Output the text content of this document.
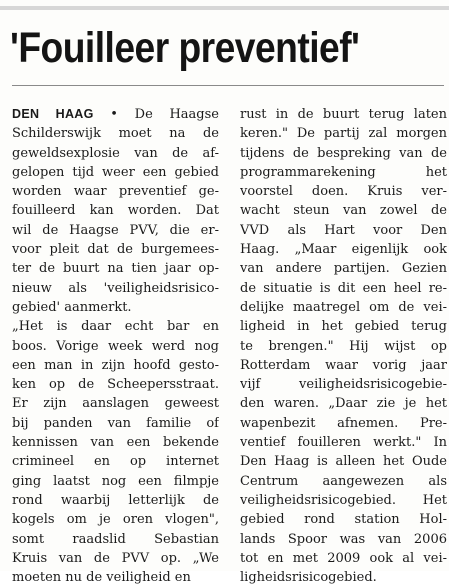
'Fouilleer preventief'
DEN HAAG • De Haagse
Schilderswijk moet na de
geweldsexplosie van de af-
gelopen tijd weer een gebied
worden waar preventief ge-
fouilleerd kan worden. Dat
wil de Haagse PVV, die er-
voor pleit dat de burgemees-
ter de buurt na tien jaar op-
nieuw als 'veiligheidsrisico-
gebied' aanmerkt.
„Het is daar echt bar en
boos. Vorige week werd nog
een man in zijn hoofd gesto-
ken op de Scheepersstraat.
Er zijn aanslagen geweest
bij panden van familie of
kennissen van een bekende
crimineel en op internet
ging laatst nog een filmpje
rond waarbij letterlijk de
kogels om je oren vlogen",
somt raadslid Sebastian
Kruis van de PVV op. „We
moeten nu de veiligheid en
rust in de buurt terug laten
keren." De partij zal morgen
tijdens de bespreking van de
programmarekening het
voorstel doen. Kruis ver-
wacht steun van zowel de
VVD als Hart voor Den
Haag. „Maar eigenlijk ook
van andere partijen. Gezien
de situatie is dit een heel re-
delijke maatregel om de vei-
ligheid in het gebied terug
te brengen." Hij wijst op
Rotterdam waar vorig jaar
vijf veiligheidsrisicogebie-
den waren. „Daar zie je het
wapenbezit afnemen. Pre-
ventief fouilleren werkt." In
Den Haag is alleen het Oude
Centrum aangewezen als
veiligheidsrisicogebied. Het
gebied rond station Hol-
lands Spoor was van 2006
tot en met 2009 ook al vei-
ligheidsrisicogebied.
